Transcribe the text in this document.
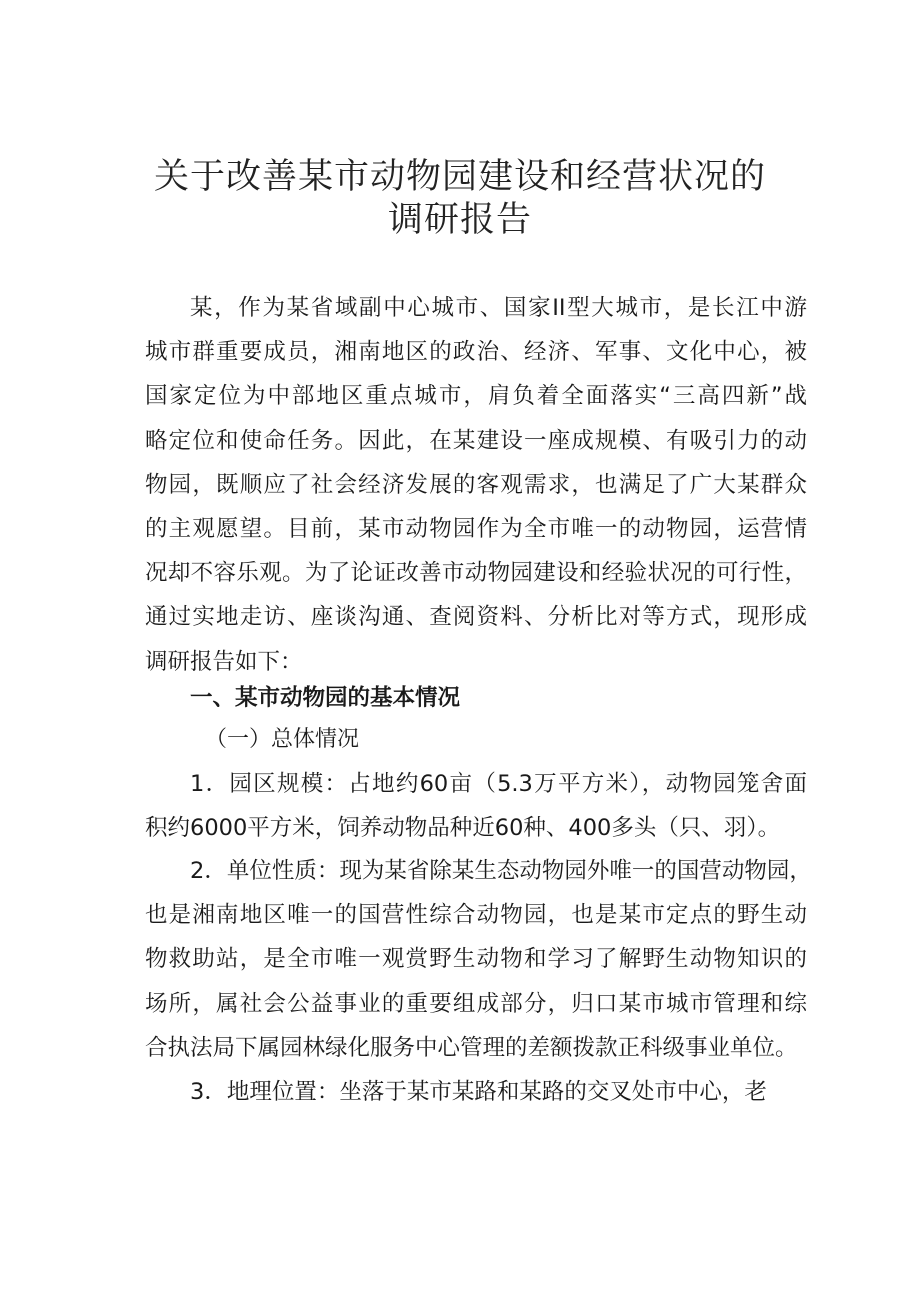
关于改善某市动物园建设和经营状况的
调研报告
某，作为某省域副中心城市、国家II型大城市，是长江中游
城市群重要成员，湘南地区的政治、经济、军事、文化中心，被
国家定位为中部地区重点城市，肩负着全面落实“三高四新”战
略定位和使命任务。因此，在某建设一座成规模、有吸引力的动
物园，既顺应了社会经济发展的客观需求，也满足了广大某群众
的主观愿望。目前，某市动物园作为全市唯一的动物园，运营情
况却不容乐观。为了论证改善市动物园建设和经验状况的可行性，
通过实地走访、座谈沟通、查阅资料、分析比对等方式，现形成
调研报告如下：
一、某市动物园的基本情况
（一）总体情况
1．园区规模：占地约60亩（5.3万平方米），动物园笼舍面
积约6000平方米，饲养动物品种近60种、400多头（只、羽）。
2．单位性质：现为某省除某生态动物园外唯一的国营动物园，
也是湘南地区唯一的国营性综合动物园，也是某市定点的野生动
物救助站，是全市唯一观赏野生动物和学习了解野生动物知识的
场所，属社会公益事业的重要组成部分，归口某市城市管理和综
合执法局下属园林绿化服务中心管理的差额拨款正科级事业单位。
3．地理位置：坐落于某市某路和某路的交叉处市中心，老
